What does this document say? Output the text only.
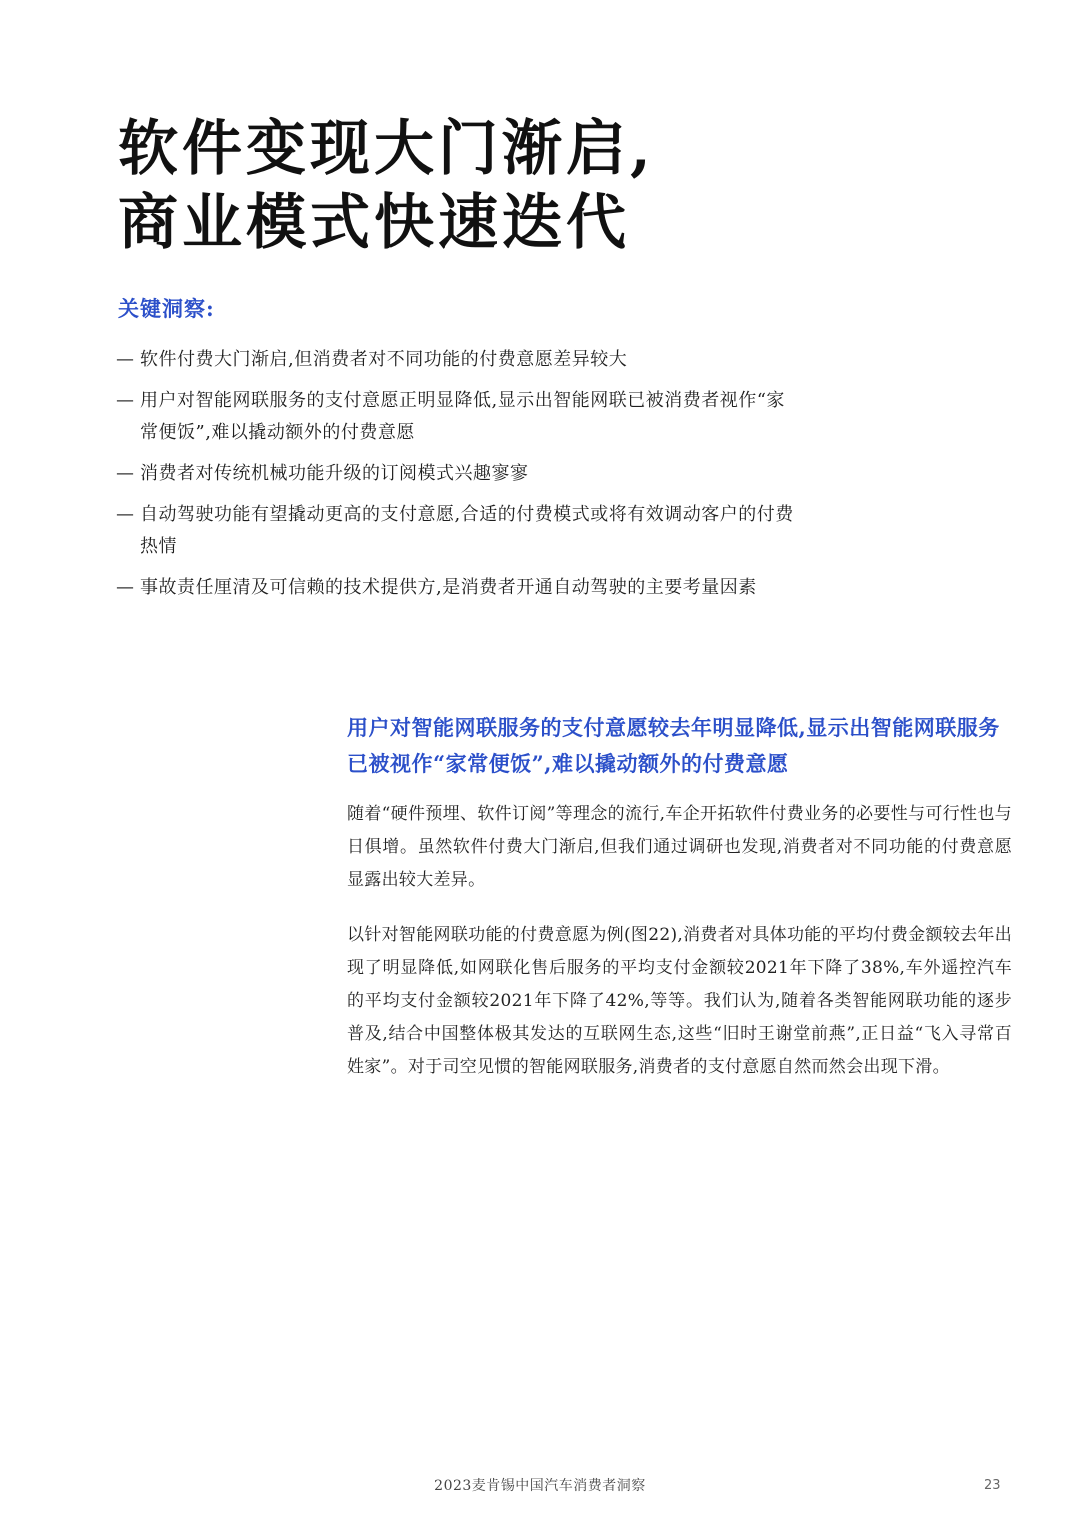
软件变现大门渐启,
商业模式快速迭代
关键洞察:
— 软件付费大门渐启,但消费者对不同功能的付费意愿差异较大
— 用户对智能网联服务的支付意愿正明显降低,显示出智能网联已被消费者视作“家常便饭”,难以撬动额外的付费意愿
— 消费者对传统机械功能升级的订阅模式兴趣寥寥
— 自动驾驶功能有望撬动更高的支付意愿,合适的付费模式或将有效调动客户的付费热情
— 事故责任厘清及可信赖的技术提供方,是消费者开通自动驾驶的主要考量因素
用户对智能网联服务的支付意愿较去年明显降低,显示出智能网联服务已被视作“家常便饭”,难以撬动额外的付费意愿

随着“硬件预埋、软件订阅”等理念的流行,车企开拓软件付费业务的必要性与可行性也与日俱增。虽然软件付费大门渐启,但我们通过调研也发现,消费者对不同功能的付费意愿显露出较大差异。

以针对智能网联功能的付费意愿为例(图22),消费者对具体功能的平均付费金额较去年出现了明显降低,如网联化售后服务的平均支付金额较2021年下降了38%,车外遥控汽车的平均支付金额较2021年下降了42%,等等。我们认为,随着各类智能网联功能的逐步普及,结合中国整体极其发达的互联网生态,这些“旧时王谢堂前燕”,正日益“飞入寻常百姓家”。对于司空见惯的智能网联服务,消费者的支付意愿自然而然会出现下滑。

2023麦肯锡中国汽车消费者洞察	23
